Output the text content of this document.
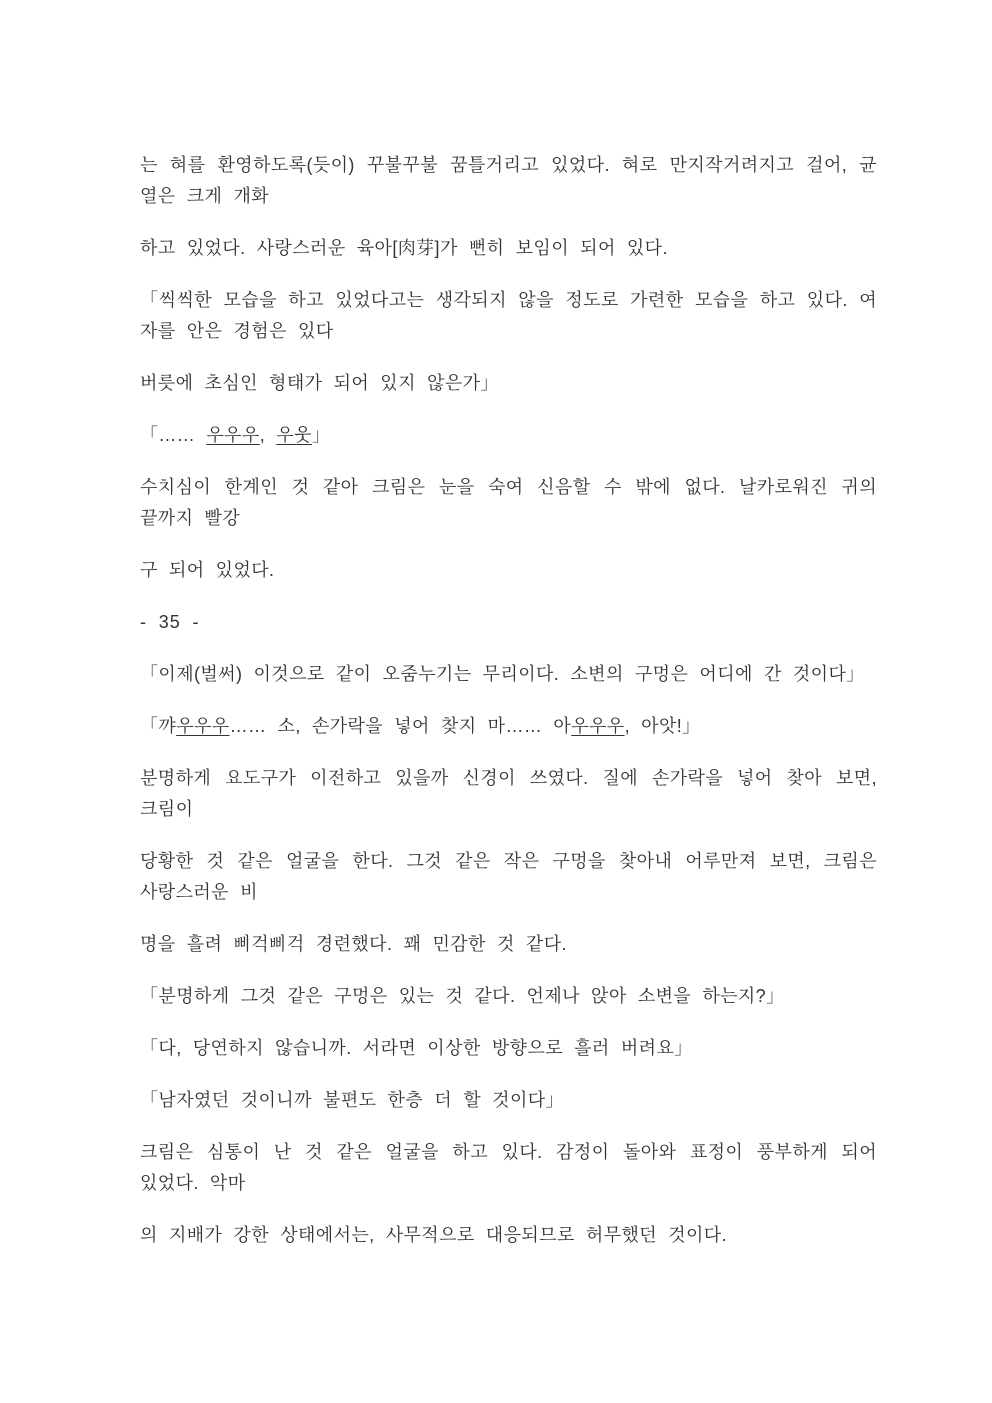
는 혀를 환영하도록(듯이) 꾸불꾸불 꿈틀거리고 있었다. 혀로 만지작거려지고 걸어, 균열은 크게 개화

하고 있었다. 사랑스러운 육아[肉芽]가 뻔히 보임이 되어 있다.

「씩씩한 모습을 하고 있었다고는 생각되지 않을 정도로 가련한 모습을 하고 있다. 여자를 안은 경험은 있다

버릇에 초심인 형태가 되어 있지 않은가」

「…… 우우우, 우웃」

수치심이 한계인 것 같아 크림은 눈을 숙여 신음할 수 밖에 없다. 날카로워진 귀의 끝까지 빨강

구 되어 있었다.

- 35 -

「이제(벌써) 이것으로 같이 오줌누기는 무리이다. 소변의 구멍은 어디에 간 것이다」

「꺄우우우…… 소, 손가락을 넣어 찾지 마…… 아우우우, 아앗!」

분명하게 요도구가 이전하고 있을까 신경이 쓰였다. 질에 손가락을 넣어 찾아 보면, 크림이

당황한 것 같은 얼굴을 한다. 그것 같은 작은 구멍을 찾아내 어루만져 보면, 크림은 사랑스러운 비

명을 흘려 삐걱삐걱 경련했다. 꽤 민감한 것 같다.

「분명하게 그것 같은 구멍은 있는 것 같다. 언제나 앉아 소변을 하는지?」

「다, 당연하지 않습니까. 서라면 이상한 방향으로 흘러 버려요」

「남자였던 것이니까 불편도 한층 더 할 것이다」

크림은 심통이 난 것 같은 얼굴을 하고 있다. 감정이 돌아와 표정이 풍부하게 되어 있었다. 악마

의 지배가 강한 상태에서는, 사무적으로 대응되므로 허무했던 것이다.
